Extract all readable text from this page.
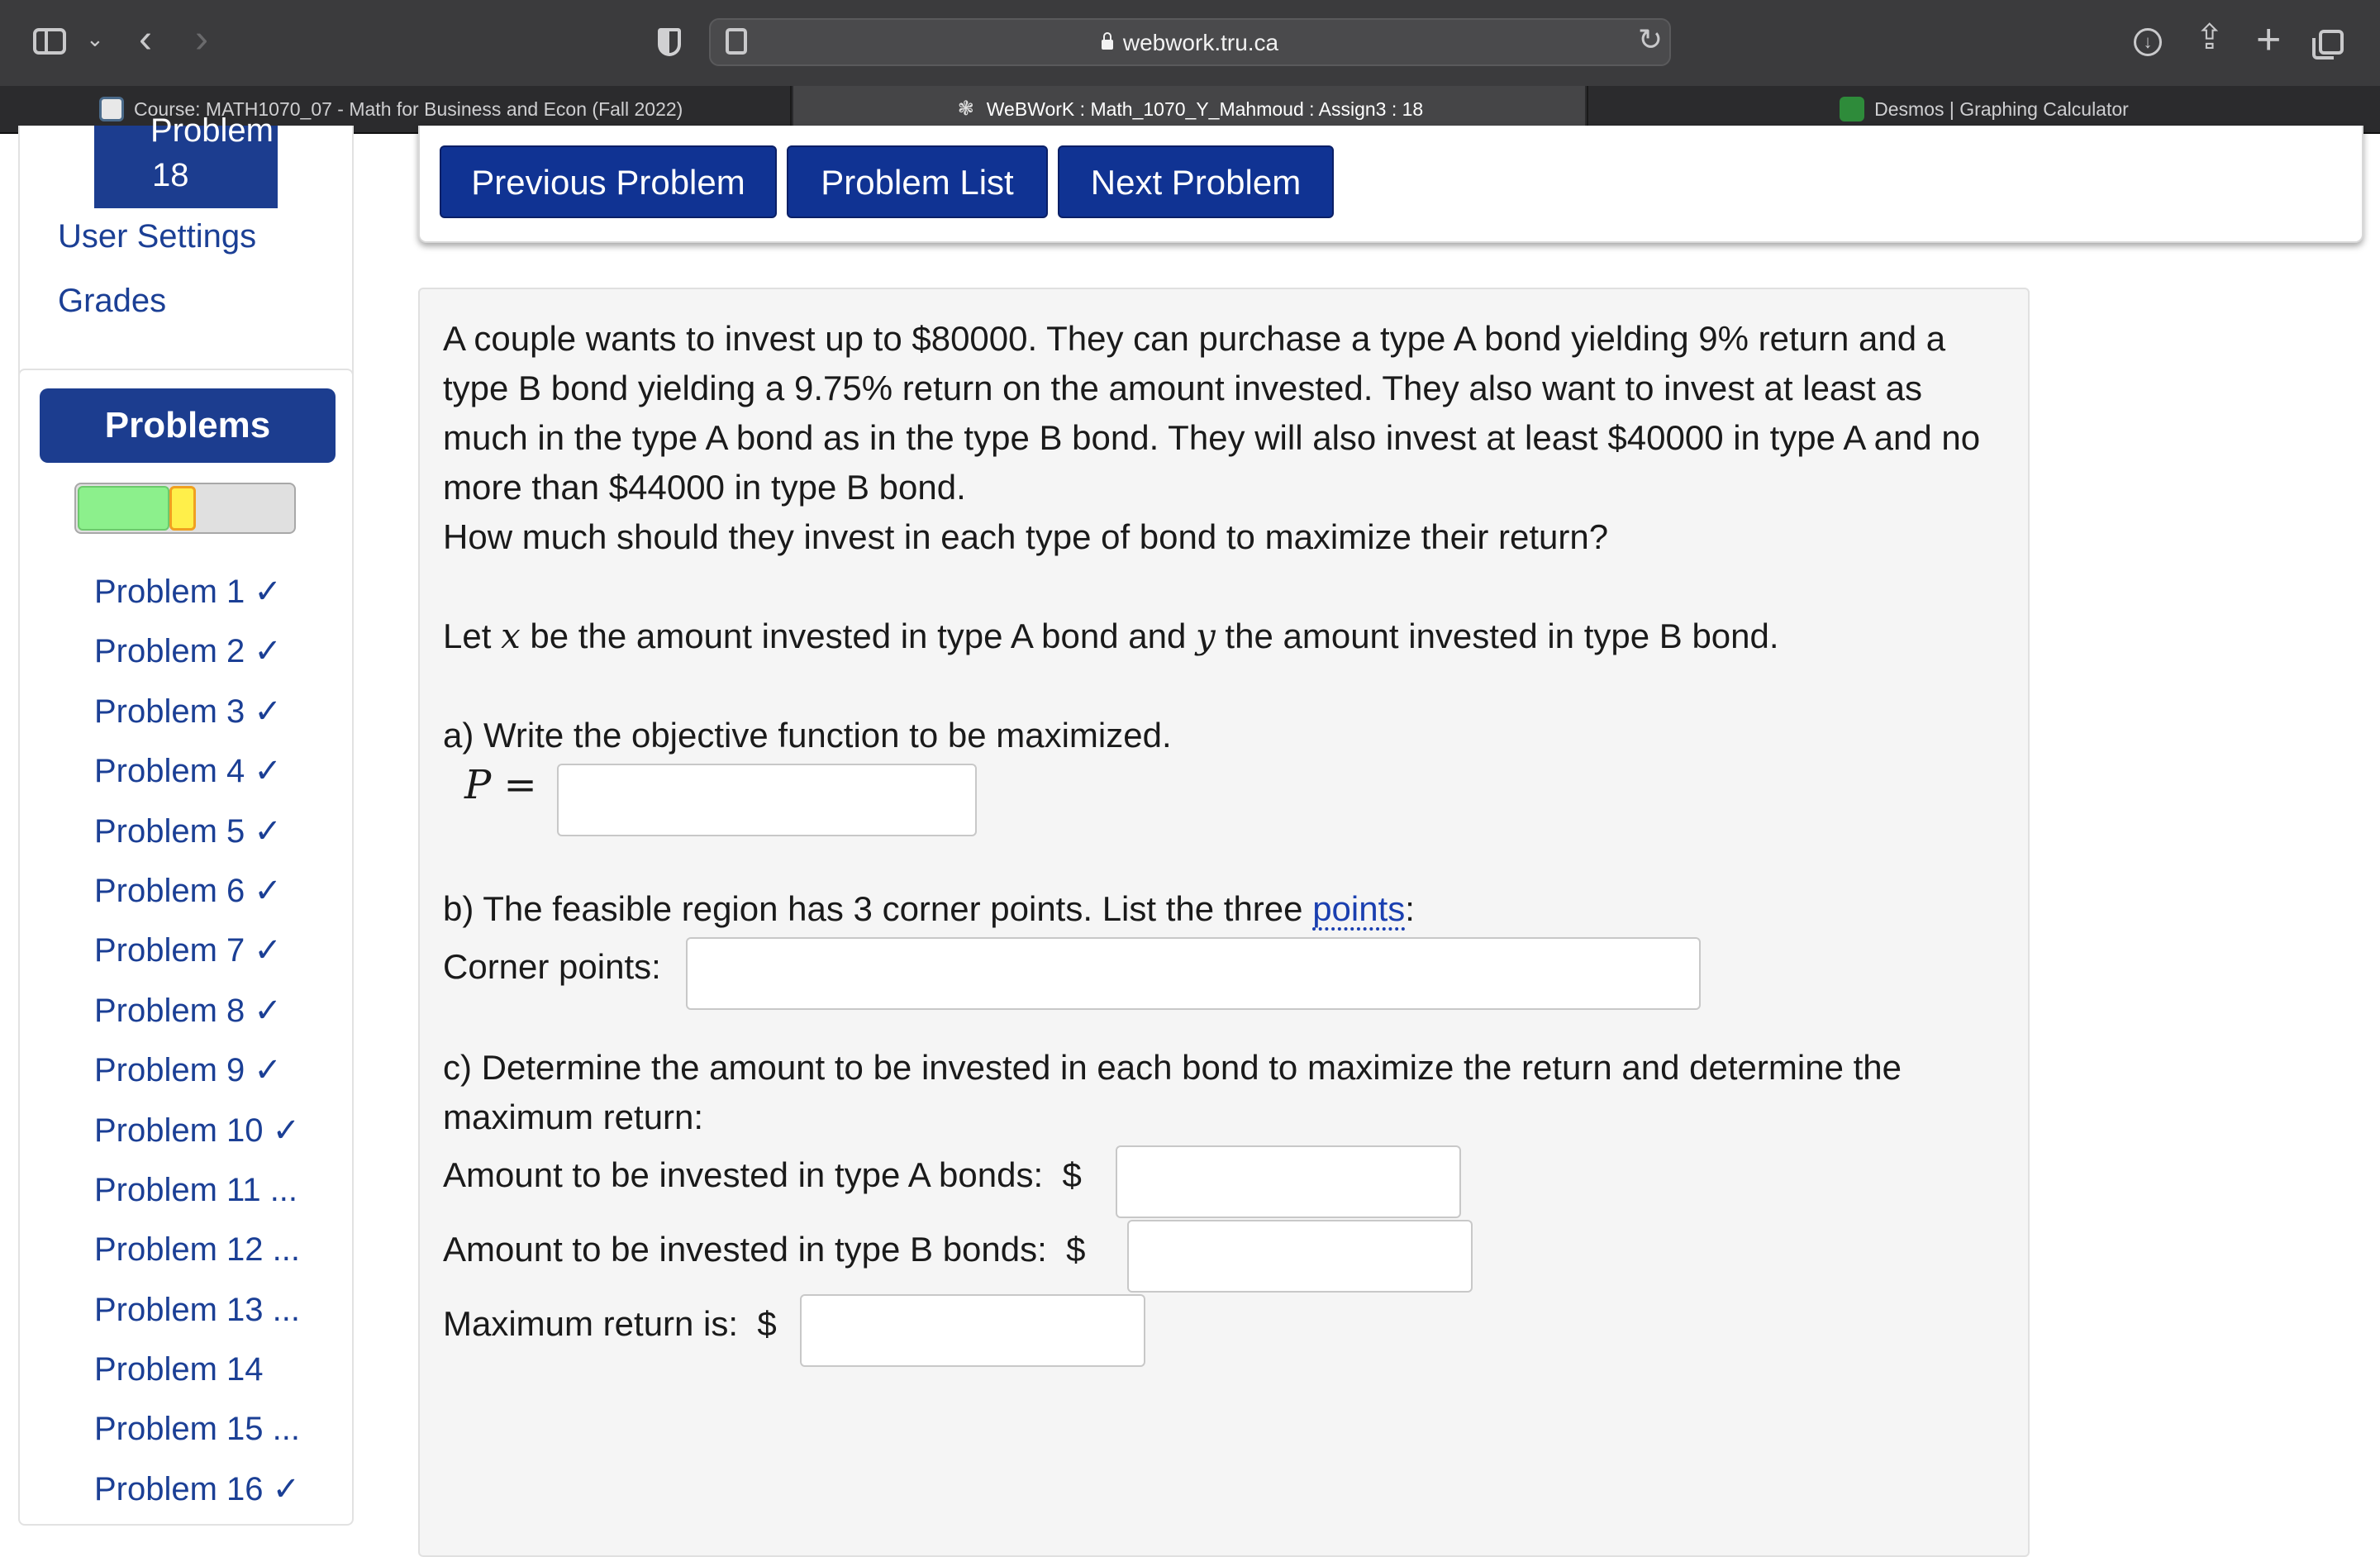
⌄ ‹ ›	webwork.tru.ca	↻	↓ ⇪ +
Course: MATH1070_07 - Math for Business and Econ (Fall 2022)	❃ WeBWorK : Math_1070_Y_Mahmoud : Assign3 : 18	Desmos | Graphing Calculator
Problem
18
User Settings
Grades
Problems
Problem 1 ✓
Problem 2 ✓
Problem 3 ✓
Problem 4 ✓
Problem 5 ✓
Problem 6 ✓
Problem 7 ✓
Problem 8 ✓
Problem 9 ✓
Problem 10 ✓
Problem 11 ...
Problem 12 ...
Problem 13 ...
Problem 14
Problem 15 ...
Problem 16 ✓
Previous Problem	Problem List	Next Problem
A couple wants to invest up to $80000. They can purchase a type A bond yielding 9% return and a type B bond yielding a 9.75% return on the amount invested. They also want to invest at least as much in the type A bond as in the type B bond. They will also invest at least $40000 in type A and no more than $44000 in type B bond.
How much should they invest in each type of bond to maximize their return?
Let x be the amount invested in type A bond and y the amount invested in type B bond.
a) Write the objective function to be maximized.
P =
b) The feasible region has 3 corner points. List the three points:
Corner points:
c) Determine the amount to be invested in each bond to maximize the return and determine the maximum return:
Amount to be invested in type A bonds:  $
Amount to be invested in type B bonds:  $
Maximum return is:  $
